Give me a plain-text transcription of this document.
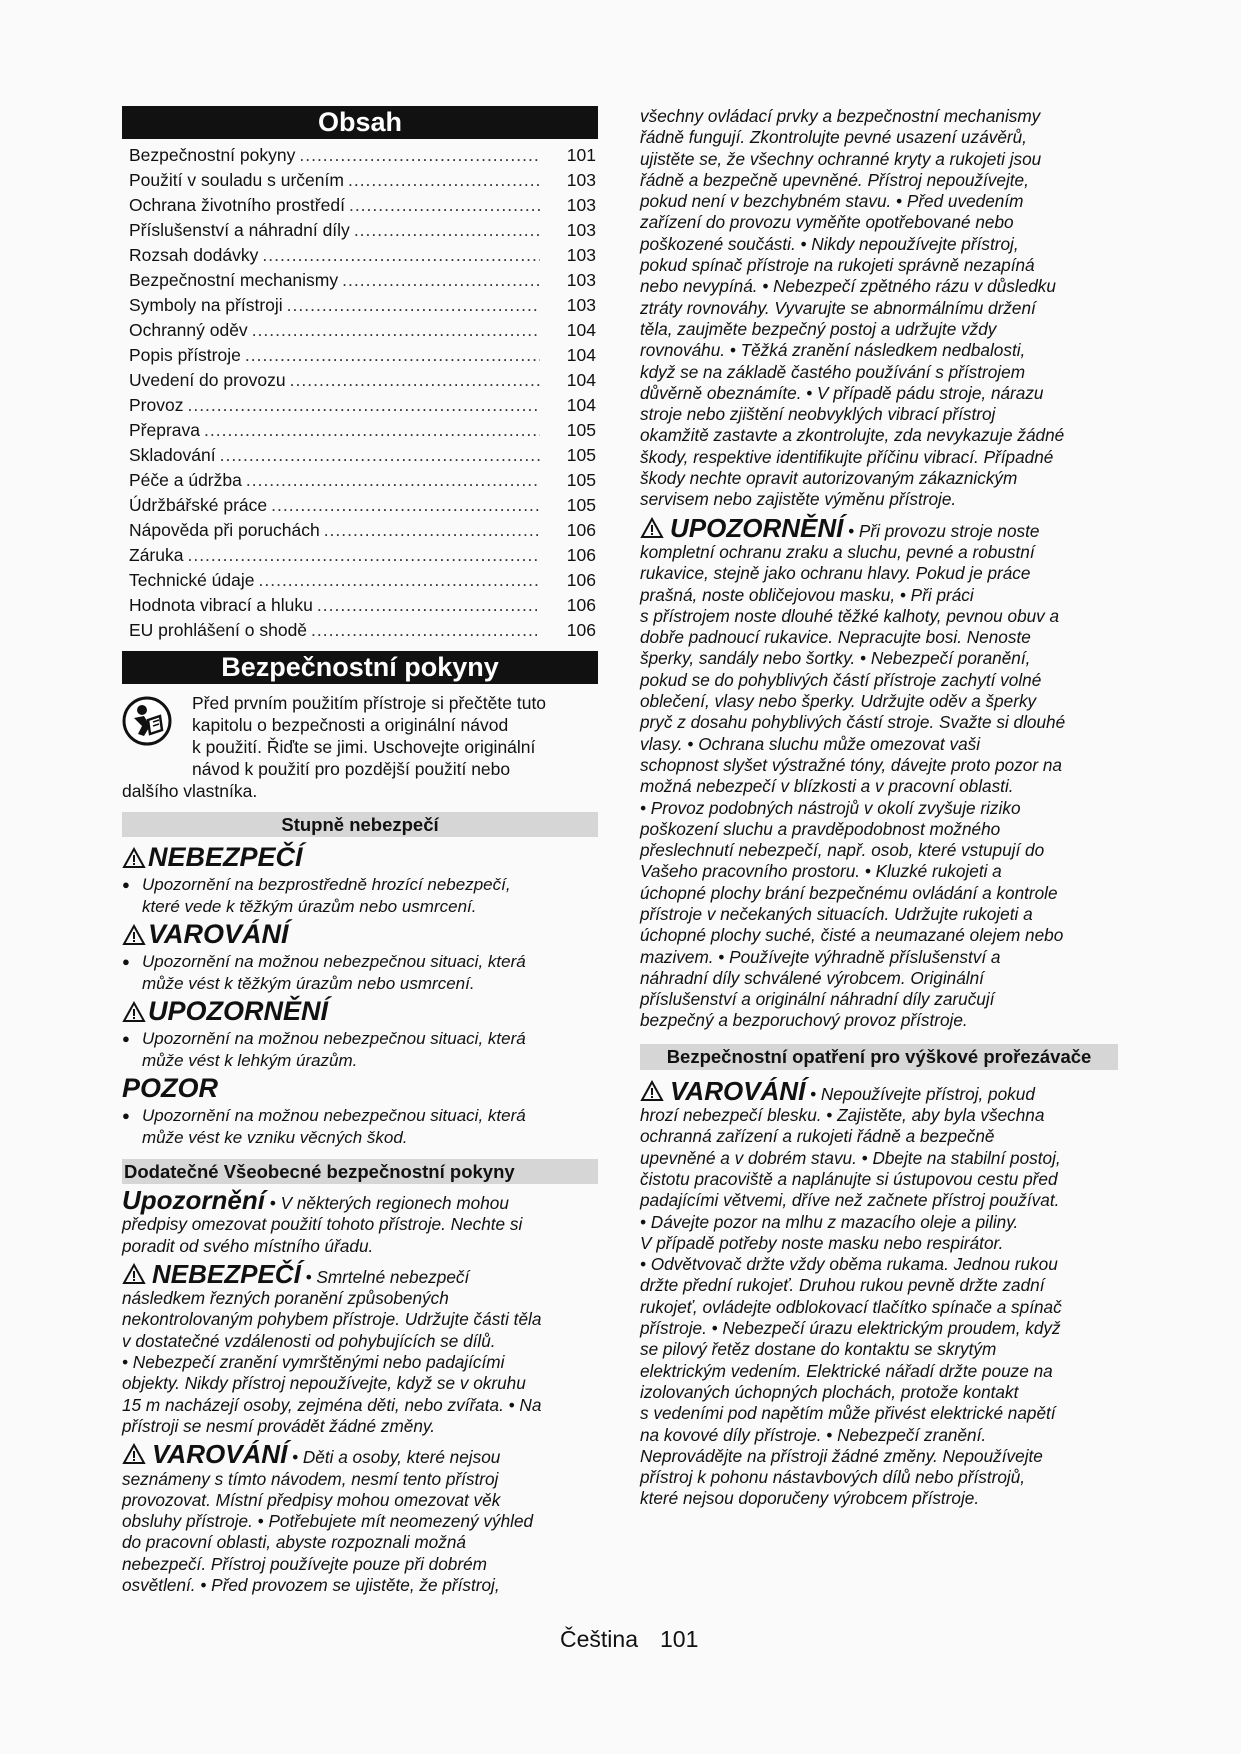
Obsah
Bezpečnostní pokyny .....	101
Použití v souladu s určením .....	103
Ochrana životního prostředí .....	103
Příslušenství a náhradní díly .....	103
Rozsah dodávky .....	103
Bezpečnostní mechanismy .....	103
Symboly na přístroji .....	103
Ochranný oděv .....	104
Popis přístroje .....	104
Uvedení do provozu .....	104
Provoz .....	104
Přeprava .....	105
Skladování .....	105
Péče a údržba .....	105
Údržbářské práce .....	105
Nápověda při poruchách .....	106
Záruka .....	106
Technické údaje .....	106
Hodnota vibrací a hluku .....	106
EU prohlášení o shodě .....	106
Bezpečnostní pokyny

Před prvním použitím přístroje si přečtěte tuto

kapitolu o bezpečnosti a originální návod

k použití. Řiďte se jimi. Uschovejte originální

návod k použití pro pozdější použití nebo

dalšího vlastníka.

Stupně nebezpečí
NEBEZPEČÍ

● Upozornění na bezprostředně hrozící nebezpečí,
které vede k těžkým úrazům nebo usmrcení.

VAROVÁNÍ

● Upozornění na možnou nebezpečnou situaci, která
může vést k těžkým úrazům nebo usmrcení.

UPOZORNĚNÍ

● Upozornění na možnou nebezpečnou situaci, která
může vést k lehkým úrazům.

POZOR

● Upozornění na možnou nebezpečnou situaci, která
může vést ke vzniku věcných škod.

Dodatečné Všeobecné bezpečnostní pokyny

Upozornění • V některých regionech mohou
předpisy omezovat použití tohoto přístroje. Nechte si
poradit od svého místního úřadu.

NEBEZPEČÍ • Smrtelné nebezpečí
následkem řezných poranění způsobených
nekontrolovaným pohybem přístroje. Udržujte části těla
v dostatečné vzdálenosti od pohybujících se dílů.
• Nebezpečí zranění vymrštěnými nebo padajícími
objekty. Nikdy přístroj nepoužívejte, když se v okruhu
15 m nacházejí osoby, zejména děti, nebo zvířata. • Na
přístroji se nesmí provádět žádné změny.

VAROVÁNÍ • Děti a osoby, které nejsou
seznámeny s tímto návodem, nesmí tento přístroj
provozovat. Místní předpisy mohou omezovat věk
obsluhy přístroje. • Potřebujete mít neomezený výhled
do pracovní oblasti, abyste rozpoznali možná
nebezpečí. Přístroj používejte pouze při dobrém
osvětlení. • Před provozem se ujistěte, že přístroj,

všechny ovládací prvky a bezpečnostní mechanismy
řádně fungují. Zkontrolujte pevné usazení uzávěrů,
ujistěte se, že všechny ochranné kryty a rukojeti jsou
řádně a bezpečně upevněné. Přístroj nepoužívejte,
pokud není v bezchybném stavu. • Před uvedením
zařízení do provozu vyměňte opotřebované nebo
poškozené součásti. • Nikdy nepoužívejte přístroj,
pokud spínač přístroje na rukojeti správně nezapíná
nebo nevypíná. • Nebezpečí zpětného rázu v důsledku
ztráty rovnováhy. Vyvarujte se abnormálnímu držení
těla, zaujměte bezpečný postoj a udržujte vždy
rovnováhu. • Těžká zranění následkem nedbalosti,
když se na základě častého používání s přístrojem
důvěrně obeznámíte. • V případě pádu stroje, nárazu
stroje nebo zjištění neobvyklých vibrací přístroj
okamžitě zastavte a zkontrolujte, zda nevykazuje žádné
škody, respektive identifikujte příčinu vibrací. Případné
škody nechte opravit autorizovaným zákaznickým
servisem nebo zajistěte výměnu přístroje.

UPOZORNĚNÍ • Při provozu stroje noste
kompletní ochranu zraku a sluchu, pevné a robustní
rukavice, stejně jako ochranu hlavy. Pokud je práce
prašná, noste obličejovou masku, • Při práci
s přístrojem noste dlouhé těžké kalhoty, pevnou obuv a
dobře padnoucí rukavice. Nepracujte bosi. Nenoste
šperky, sandály nebo šortky. • Nebezpečí poranění,
pokud se do pohyblivých částí přístroje zachytí volné
oblečení, vlasy nebo šperky. Udržujte oděv a šperky
pryč z dosahu pohyblivých částí stroje. Svažte si dlouhé
vlasy. • Ochrana sluchu může omezovat vaši
schopnost slyšet výstražné tóny, dávejte proto pozor na
možná nebezpečí v blízkosti a v pracovní oblasti.
• Provoz podobných nástrojů v okolí zvyšuje riziko
poškození sluchu a pravděpodobnost možného
přeslechnutí nebezpečí, např. osob, které vstupují do
Vašeho pracovního prostoru. • Kluzké rukojeti a
úchopné plochy brání bezpečnému ovládání a kontrole
přístroje v nečekaných situacích. Udržujte rukojeti a
úchopné plochy suché, čisté a neumazané olejem nebo
mazivem. • Používejte výhradně příslušenství a
náhradní díly schválené výrobcem. Originální
příslušenství a originální náhradní díly zaručují
bezpečný a bezporuchový provoz přístroje.

Bezpečnostní opatření pro výškové prořezávače

VAROVÁNÍ • Nepoužívejte přístroj, pokud
hrozí nebezpečí blesku. • Zajistěte, aby byla všechna
ochranná zařízení a rukojeti řádně a bezpečně
upevněné a v dobrém stavu. • Dbejte na stabilní postoj,
čistotu pracoviště a naplánujte si ústupovou cestu před
padajícími větvemi, dříve než začnete přístroj používat.
• Dávejte pozor na mlhu z mazacího oleje a piliny.
V případě potřeby noste masku nebo respirátor.
• Odvětvovač držte vždy oběma rukama. Jednou rukou
držte přední rukojeť. Druhou rukou pevně držte zadní
rukojeť, ovládejte odblokovací tlačítko spínače a spínač
přístroje. • Nebezpečí úrazu elektrickým proudem, když
se pilový řetěz dostane do kontaktu se skrytým
elektrickým vedením. Elektrické nářadí držte pouze na
izolovaných úchopných plochách, protože kontakt
s vedeními pod napětím může přivést elektrické napětí
na kovové díly přístroje. • Nebezpečí zranění.
Neprovádějte na přístroji žádné změny. Nepoužívejte
přístroj k pohonu nástavbových dílů nebo přístrojů,
které nejsou doporučeny výrobcem přístroje.

Čeština 101
